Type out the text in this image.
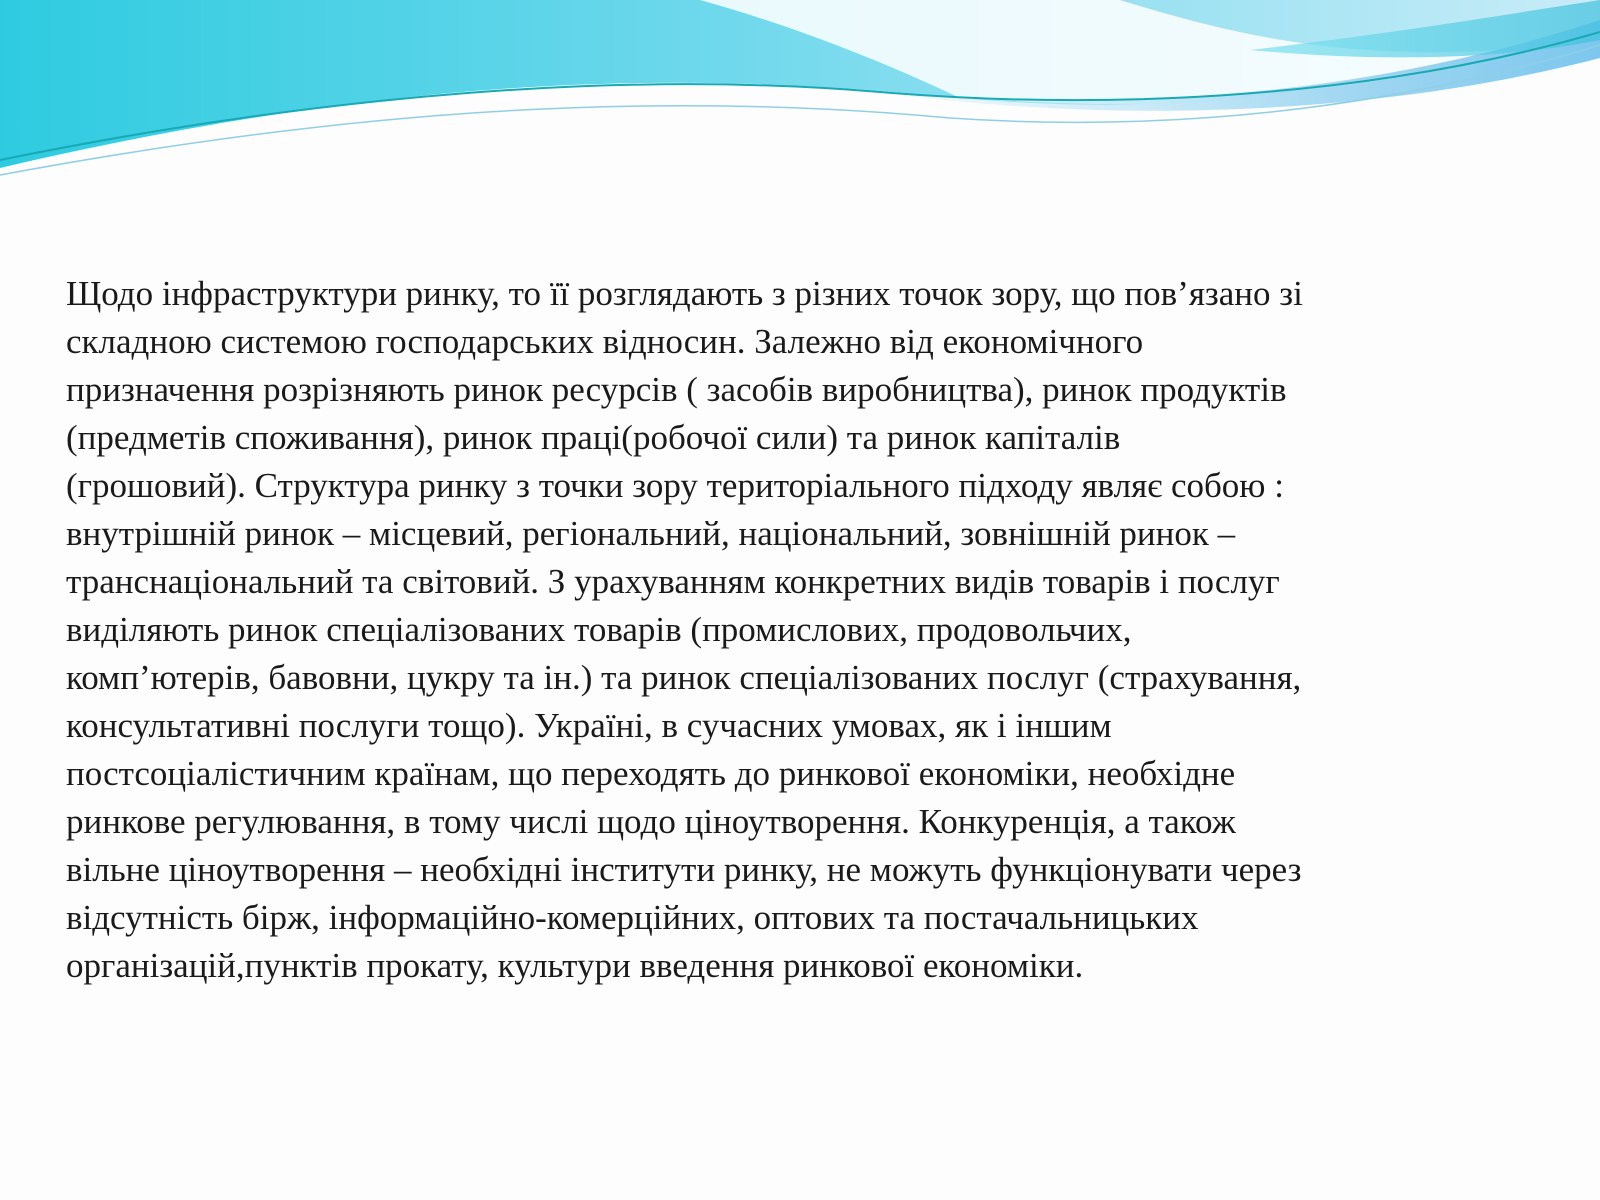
Щодо інфраструктури ринку, то її розглядають з різних точок зору, що пов’язано зі
складною системою господарських відносин. Залежно від економічного
призначення розрізняють ринок ресурсів ( засобів виробництва), ринок продуктів
(предметів споживання), ринок праці(робочої сили) та ринок капіталів
(грошовий). Структура ринку з точки зору територіального підходу являє собою :
внутрішній ринок – місцевий, регіональний, національний, зовнішній ринок –
транснаціональний та світовий. З урахуванням конкретних видів товарів і послуг
виділяють ринок спеціалізованих товарів (промислових, продовольчих,
комп’ютерів, бавовни, цукру та ін.) та ринок спеціалізованих послуг (страхування,
консультативні послуги тощо). Україні, в сучасних умовах, як і іншим
постсоціалістичним країнам, що переходять до ринкової економіки, необхідне
ринкове регулювання, в тому числі щодо ціноутворення. Конкуренція, а також
вільне ціноутворення – необхідні інститути ринку, не можуть функціонувати через
відсутність бірж, інформаційно-комерційних, оптових та постачальницьких
організацій,пунктів прокату, культури введення ринкової економіки.
